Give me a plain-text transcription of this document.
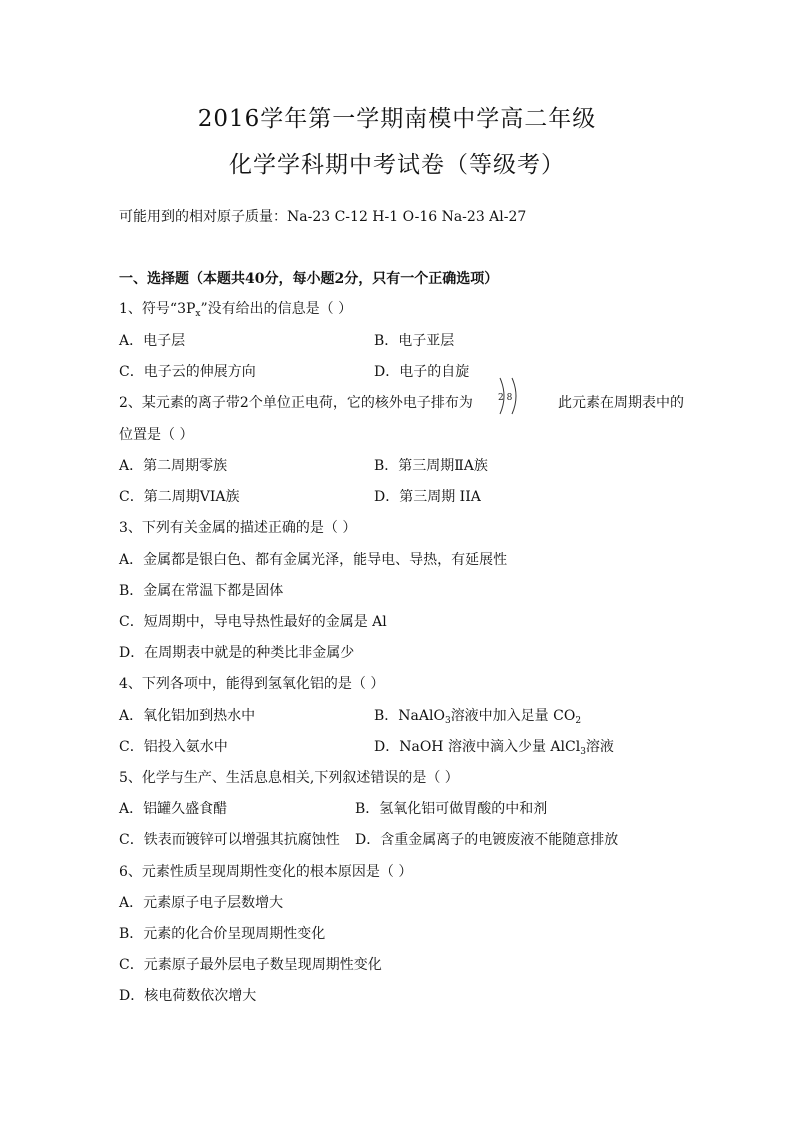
2016学年第一学期南模中学高二年级
化学学科期中考试卷（等级考）
可能用到的相对原子质量：Na-23 C-12 H-1 O-16 Na-23 Al-27
一、选择题（本题共40分，每小题2分，只有一个正确选项）
1、符号“$3P_x$”没有给出的信息是（ ）
A．电子层	B．电子亚层
C．电子云的伸展方向	D．电子的自旋
2、某元素的离子带2个单位正电荷，它的核外电子排布为	2 8	此元素在周期表中的
位置是（ ）
A．第二周期零族	B．第三周期ⅡA族
C．第二周期VIA族	D．第三周期 IIA
3、下列有关金属的描述正确的是（ ）
A．金属都是银白色、都有金属光泽，能导电、导热，有延展性
B．金属在常温下都是固体
C．短周期中，导电导热性最好的金属是 Al
D．在周期表中就是的种类比非金属少
4、下列各项中，能得到氢氧化铝的是（ ）
A．氧化铝加到热水中	B．NaAlO$_3$溶液中加入足量 $CO_2$
C．铝投入氨水中	D．NaOH 溶液中滴入少量 AlCl$_3$溶液
5、化学与生产、生活息息相关,下列叙述错误的是（ ）
A．铝罐久盛食醋	B．氢氧化铝可做胃酸的中和剂
C．铁表而镀锌可以增强其抗腐蚀性 D．含重金属离子的电镀废液不能随意排放
6、元素性质呈现周期性变化的根本原因是（ ）
A．元素原子电子层数增大
B．元素的化合价呈现周期性变化
C．元素原子最外层电子数呈现周期性变化
D．核电荷数依次增大
